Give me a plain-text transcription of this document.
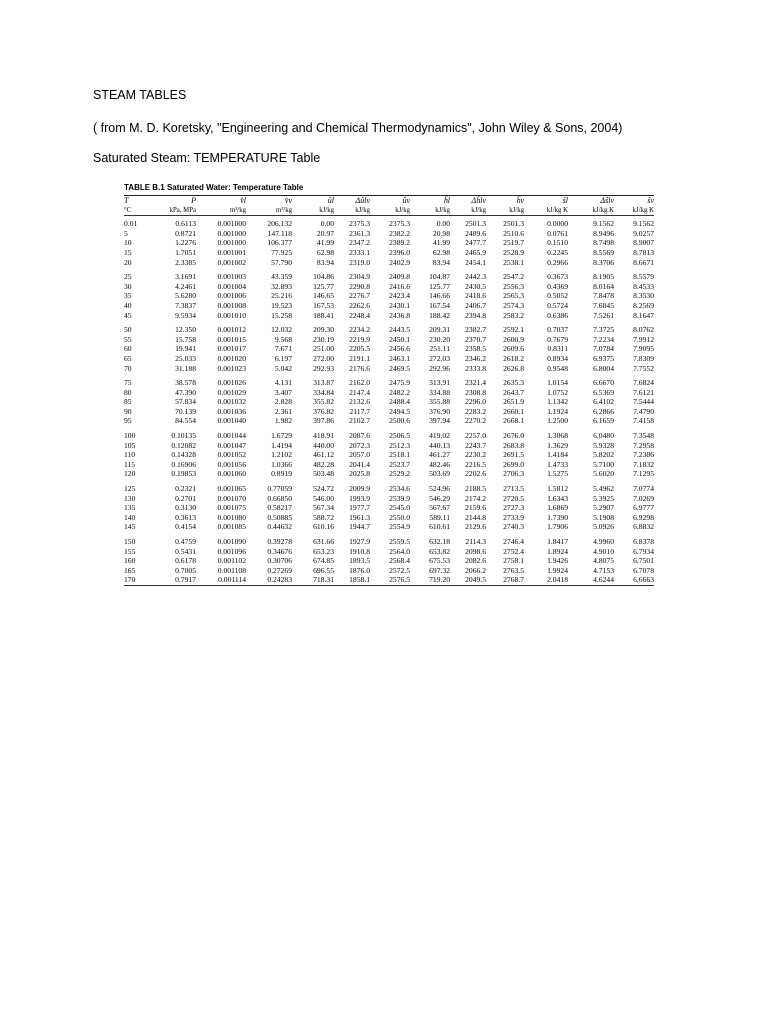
STEAM TABLES
( from M. D. Koretsky, "Engineering and Chemical Thermodynamics", John Wiley & Sons, 2004)
Saturated Steam: TEMPERATURE Table
TABLE B.1 Saturated Water: Temperature Table
T	P	v̂l	v̂v	ûl	Δûlv	ûv	ĥl	Δĥlv	ĥv	ŝl	Δŝlv	ŝv
°C	kPa, MPa	m³/kg	m³/kg	kJ/kg	kJ/kg	kJ/kg	kJ/kg	kJ/kg	kJ/kg	kJ/kg K	kJ/kg K	kJ/kg K

0.01	0.6113	0.001000	206.132	0.00	2375.3	2375.3	0.00	2501.3	2501.3	0.0000	9.1562	9.1562
5	0.8721	0.001000	147.118	20.97	2361.3	2382.2	20.98	2489.6	2510.6	0.0761	8.9496	9.0257
10	1.2276	0.001000	106.377	41.99	2347.2	2389.2	41.99	2477.7	2519.7	0.1510	8.7498	8.9007
15	1.7051	0.001001	77.925	62.98	2333.1	2396.0	62.98	2465.9	2528.9	0.2245	8.5569	8.7813
20	2.3385	0.001002	57.790	83.94	2319.0	2402.9	83.94	2454.1	2538.1	0.2966	8.3706	8.6671
25	3.1691	0.001003	43.359	104.86	2304.9	2409.8	104.87	2442.3	2547.2	0.3673	8.1905	8.5579
30	4.2461	0.001004	32.893	125.77	2290.8	2416.6	125.77	2430.5	2556.3	0.4369	8.0164	8.4533
35	5.6280	0.001006	25.216	146.65	2276.7	2423.4	146.66	2418.6	2565.3	0.5052	7.8478	8.3530
40	7.3837	0.001008	19.523	167.53	2262.6	2430.1	167.54	2406.7	2574.3	0.5724	7.6845	8.2569
45	9.5934	0.001010	15.258	188.41	2248.4	2436.8	188.42	2394.8	2583.2	0.6386	7.5261	8.1647
50	12.350	0.001012	12.032	209.30	2234.2	2443.5	209.31	2382.7	2592.1	0.7037	7.3725	8.0762
55	15.758	0.001015	9.568	230.19	2219.9	2450.1	230.20	2370.7	2600.9	0.7679	7.2234	7.9912
60	19.941	0.001017	7.671	251.00	2205.5	2456.6	251.11	2358.5	2609.6	0.8311	7.0784	7.9095
65	25.033	0.001020	6.197	272.00	2191.1	2463.1	272.03	2346.2	2618.2	0.8934	6.9375	7.8309
70	31.188	0.001023	5.042	292.93	2176.6	2469.5	292.96	2333.8	2626.8	0.9548	6.8004	7.7552
75	38.578	0.001026	4.131	313.87	2162.0	2475.9	313.91	2321.4	2635.3	1.0154	6.6670	7.6824
80	47.390	0.001029	3.407	334.84	2147.4	2482.2	334.88	2308.8	2643.7	1.0752	6.5369	7.6121
85	57.834	0.001032	2.828	355.82	2132.6	2488.4	355.88	2296.0	2651.9	1.1342	6.4102	7.5444
90	70.139	0.001036	2.361	376.82	2117.7	2494.5	376.90	2283.2	2660.1	1.1924	6.2866	7.4790
95	84.554	0.001040	1.982	397.86	2102.7	2500.6	397.94	2270.2	2668.1	1.2500	6.1659	7.4158
100	0.10135	0.001044	1.6729	418.91	2087.6	2506.5	419.02	2257.0	2676.0	1.3068	6.0480	7.3548
105	0.12082	0.001047	1.4194	440.00	2072.3	2512.3	440.13	2243.7	2683.8	1.3629	5.9328	7.2958
110	0.14328	0.001052	1.2102	461.12	2057.0	2518.1	461.27	2230.2	2691.5	1.4184	5.8202	7.2386
115	0.16906	0.001056	1.0366	482.28	2041.4	2523.7	482.46	2216.5	2699.0	1.4733	5.7100	7.1832
120	0.19853	0.001060	0.8919	503.48	2025.8	2529.2	503.69	2202.6	2706.3	1.5275	5.6020	7.1295
125	0.2321	0.001065	0.77059	524.72	2009.9	2534.6	524.96	2188.5	2713.5	1.5812	5.4962	7.0774
130	0.2701	0.001070	0.66850	546.00	1993.9	2539.9	546.29	2174.2	2720.5	1.6343	5.3925	7.0269
135	0.3130	0.001075	0.58217	567.34	1977.7	2545.0	567.67	2159.6	2727.3	1.6869	5.2907	6.9777
140	0.3613	0.001080	0.50885	588.72	1961.3	2550.0	589.11	2144.8	2733.9	1.7390	5.1908	6.9298
145	0.4154	0.001085	0.44632	610.16	1944.7	2554.9	610.61	2129.6	2740.3	1.7906	5.0926	6.8832
150	0.4759	0.001090	0.39278	631.66	1927.9	2559.5	632.18	2114.3	2746.4	1.8417	4.9960	6.8378
155	0.5431	0.001096	0.34676	653.23	1910.8	2564.0	653.82	2098.6	2752.4	1.8924	4.9010	6.7934
160	0.6178	0.001102	0.30706	674.85	1893.5	2568.4	675.53	2082.6	2758.1	1.9426	4.8075	6.7501
165	0.7005	0.001108	0.27269	696.55	1876.0	2572.5	697.32	2066.2	2763.5	1.9924	4.7153	6.7078
170	0.7917	0.001114	0.24283	718.31	1858.1	2576.5	719.20	2049.5	2768.7	2.0418	4.6244	6.6663
